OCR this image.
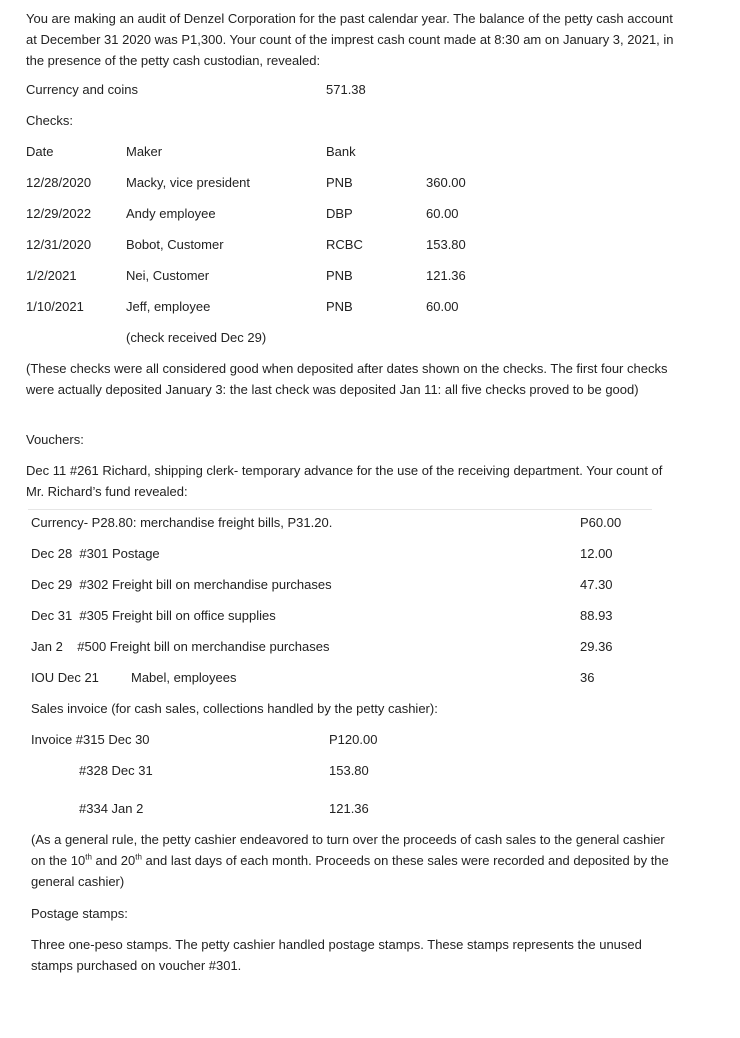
You are making an audit of Denzel Corporation for the past calendar year. The balance of the petty cash account at December 31 2020 was P1,300. Your count of the imprest cash count made at 8:30 am on January 3, 2021, in the presence of the petty cash custodian, revealed:
Currency and coins	571.38
Checks:
Date	Maker	Bank
12/28/2020	Macky, vice president	PNB	360.00
12/29/2022	Andy employee	DBP	60.00
12/31/2020	Bobot, Customer	RCBC	153.80
1/2/2021	Nei, Customer	PNB	121.36
1/10/2021	Jeff, employee	PNB	60.00
(check received Dec 29)
(These checks were all considered good when deposited after dates shown on the checks. The first four checks were actually deposited January 3: the last check was deposited Jan 11: all five checks proved to be good)
Vouchers:
Dec 11 #261 Richard, shipping clerk- temporary advance for the use of the receiving department. Your count of Mr. Richard’s fund revealed:
Currency- P28.80: merchandise freight bills, P31.20.	P60.00
Dec 28  #301 Postage	12.00
Dec 29  #302 Freight bill on merchandise purchases	47.30
Dec 31  #305 Freight bill on office supplies	88.93
Jan 2    #500 Freight bill on merchandise purchases	29.36
IOU Dec 21 Mabel, employees	36
Sales invoice (for cash sales, collections handled by the petty cashier):
Invoice #315 Dec 30	P120.00
#328 Dec 31	153.80
#334 Jan 2	121.36
(As a general rule, the petty cashier endeavored to turn over the proceeds of cash sales to the general cashier on the 10th and 20th and last days of each month. Proceeds on these sales were recorded and deposited by the general cashier)
Postage stamps:
Three one-peso stamps. The petty cashier handled postage stamps. These stamps represents the unused stamps purchased on voucher #301.
